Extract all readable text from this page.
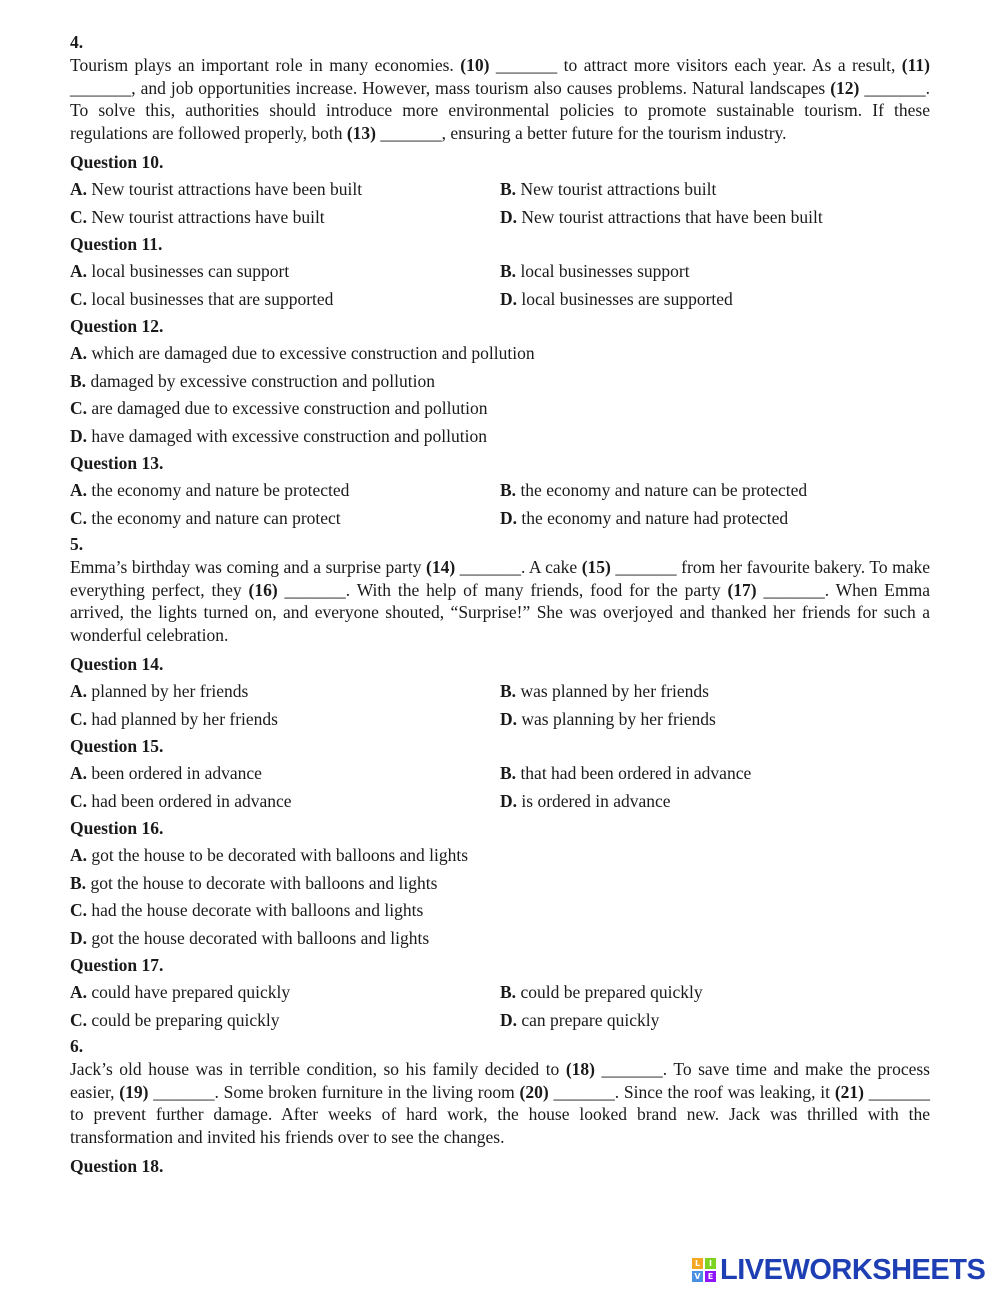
4.
Tourism plays an important role in many economies. (10) _______ to attract more visitors each year. As a result, (11) _______, and job opportunities increase. However, mass tourism also causes problems. Natural landscapes (12) _______. To solve this, authorities should introduce more environmental policies to promote sustainable tourism. If these regulations are followed properly, both (13) _______, ensuring a better future for the tourism industry.
Question 10.
A. New tourist attractions have been built	B. New tourist attractions built
C. New tourist attractions have built	D. New tourist attractions that have been built
Question 11.
A. local businesses can support	B. local businesses support
C. local businesses that are supported	D. local businesses are supported
Question 12.
A. which are damaged due to excessive construction and pollution
B. damaged by excessive construction and pollution
C. are damaged due to excessive construction and pollution
D. have damaged with excessive construction and pollution
Question 13.
A. the economy and nature be protected	B. the economy and nature can be protected
C. the economy and nature can protect	D. the economy and nature had protected
5.
Emma’s birthday was coming and a surprise party (14) _______. A cake (15) _______ from her favourite bakery. To make everything perfect, they (16) _______. With the help of many friends, food for the party (17) _______. When Emma arrived, the lights turned on, and everyone shouted, “Surprise!” She was overjoyed and thanked her friends for such a wonderful celebration.
Question 14.
A. planned by her friends	B. was planned by her friends
C. had planned by her friends	D. was planning by her friends
Question 15.
A. been ordered in advance	B. that had been ordered in advance
C. had been ordered in advance	D. is ordered in advance
Question 16.
A. got the house to be decorated with balloons and lights
B. got the house to decorate with balloons and lights
C. had the house decorate with balloons and lights
D. got the house decorated with balloons and lights
Question 17.
A. could have prepared quickly	B. could be prepared quickly
C. could be preparing quickly	D. can prepare quickly
6.
Jack’s old house was in terrible condition, so his family decided to (18) _______. To save time and make the process easier, (19) _______. Some broken furniture in the living room (20) _______. Since the roof was leaking, it (21) _______ to prevent further damage. After weeks of hard work, the house looked brand new. Jack was thrilled with the transformation and invited his friends over to see the changes.
Question 18.
L	I
V E LIVEWORKSHEETS
